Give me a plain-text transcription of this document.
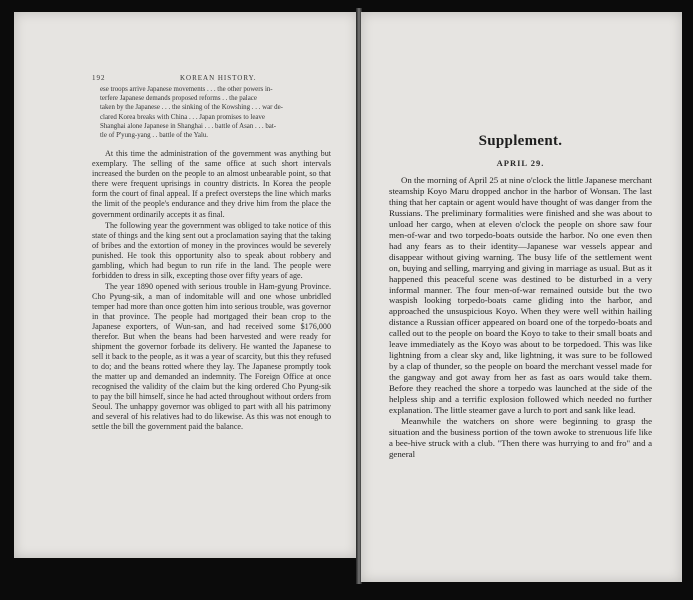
192	KOREAN HISTORY.

ese troops arrive Japanese movements . . . the other powers in-

terfere Japanese demands proposed reforms . . the palace

taken by the Japanese . . . the sinking of the Kowshing . . . war de-

clared Korea breaks with China . . . Japan promises to leave

Shanghai alone Japanese in Shanghai . . . battle of Asan . . . bat-

tle of P'yung-yang . . battle of the Yalu.

At this time the administration of the government was anything but exemplary. The selling of the same office at such short intervals increased the burden on the people to an almost unbearable point, so that there were frequent uprisings in country districts. In Korea the people form the court of final appeal. If a prefect oversteps the line which marks the limit of the people's endurance and they drive him from the place the government ordinarily accepts it as final.

The following year the government was obliged to take notice of this state of things and the king sent out a proclamation saying that the taking of bribes and the extortion of money in the provinces would be severely punished. He took this opportunity also to speak about robbery and gambling, which had begun to run rife in the land. The people were forbidden to dress in silk, excepting those over fifty years of age.

The year 1890 opened with serious trouble in Ham-gyung Province. Cho Pyung-sik, a man of indomitable will and one whose unbridled temper had more than once gotten him into serious trouble, was governor in that province. The people had mortgaged their bean crop to the Japanese exporters, of Wun-san, and had received some $176,000 therefor. But when the beans had been harvested and were ready for shipment the governor forbade its delivery. He wanted the Japanese to sell it back to the people, as it was a year of scarcity, but this they refused to do; and the beans rotted where they lay. The Japanese promptly took the matter up and demanded an indemnity. The Foreign Office at once recognised the validity of the claim but the king ordered Cho Pyung-sik to pay the bill himself, since he had acted throughout without orders from Seoul. The unhappy governor was obliged to part with all his patrimony and several of his relatives had to do likewise. As this was not enough to settle the bill the government paid the balance.

Supplement.
APRIL 29.

On the morning of April 25 at nine o'clock the little Japanese merchant steamship Koyo Maru dropped anchor in the harbor of Wonsan. The last thing that her captain or agent would have thought of was danger from the Russians. The preliminary formalities were finished and she was about to unload her cargo, when at eleven o'clock the people on shore saw four men-of-war and two torpedo-boats outside the harbor. No one even then had any fears as to their identity—Japanese war vessels appear and disappear without giving warning. The busy life of the settlement went on, buying and selling, marrying and giving in marriage as usual. But as it happened this peaceful scene was destined to be disturbed in a very informal manner. The four men-of-war remained outside but the two waspish looking torpedo-boats came gliding into the harbor, and approached the unsuspicious Koyo. When they were well within hailing distance a Russian officer appeared on board one of the torpedo-boats and called out to the people on board the Koyo to take to their small boats and leave immediately as the Koyo was about to be torpedoed. This was like lightning from a clear sky and, like lightning, it was sure to be followed by a clap of thunder, so the people on board the merchant vessel made for the gangway and got away from her as fast as oars would take them. Before they reached the shore a torpedo was launched at the side of the helpless ship and a terrific explosion followed which needed no further explanation. The little steamer gave a lurch to port and sank like lead.

Meanwhile the watchers on shore were beginning to grasp the situation and the business portion of the town awoke to strenuous life like a bee-hive struck with a club. "Then there was hurrying to and fro" and a general
